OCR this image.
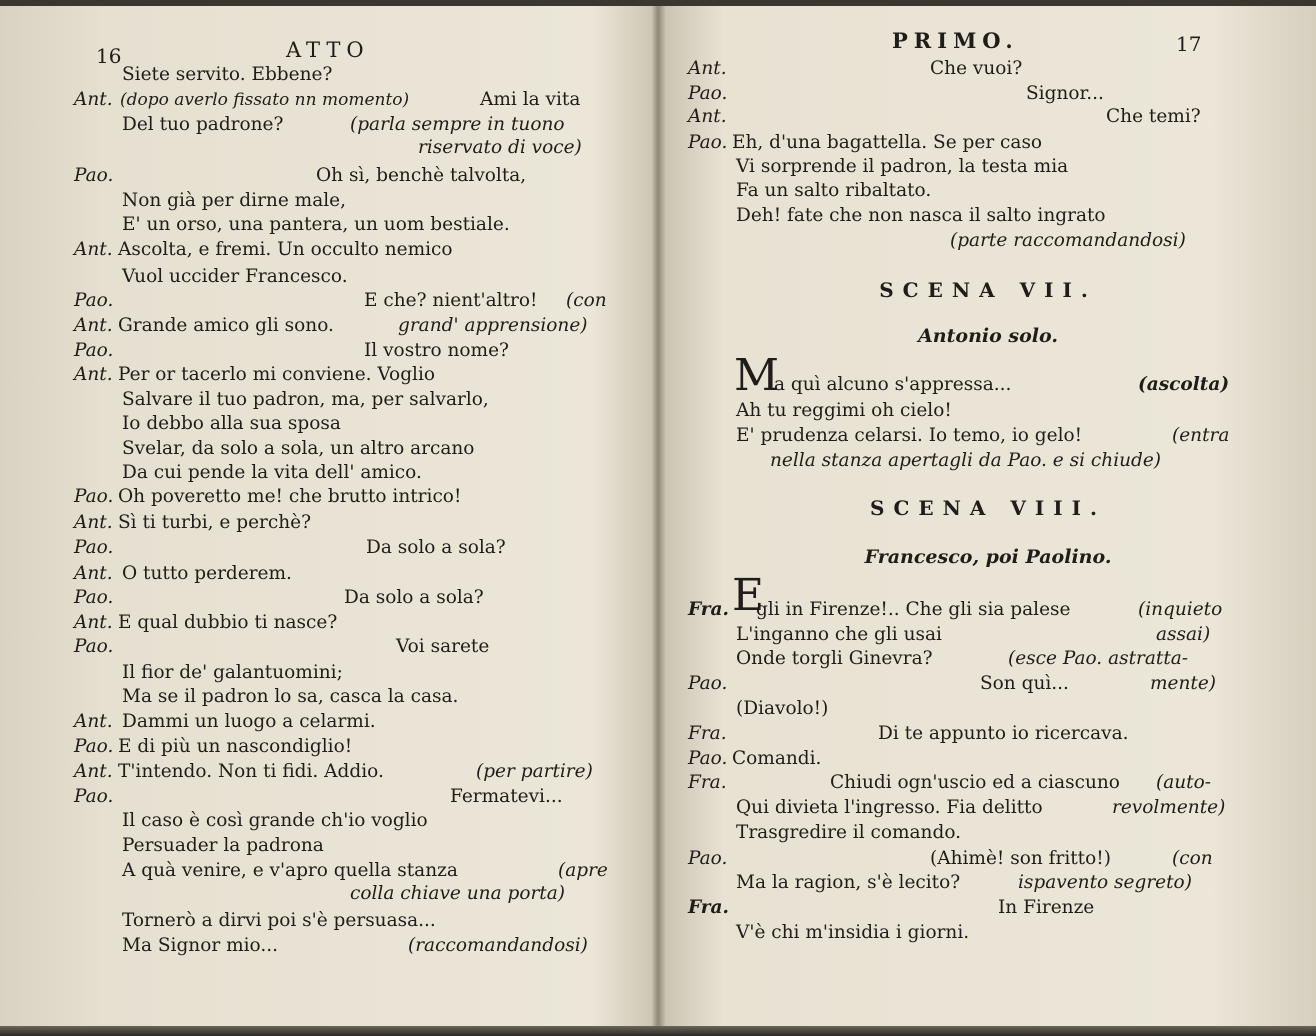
16	ATTO
Siete servito. Ebbene?
Ant. (dopo averlo fissato nn momento)	Ami la vita
Del tuo padrone?	(parla sempre in tuono
riservato di voce)
Pao.	Oh sì, benchè talvolta,
Non già per dirne male,
E' un orso, una pantera, un uom bestiale.
Ant. Ascolta, e fremi. Un occulto nemico
Vuol uccider Francesco.
Pao.	E che? nient'altro! (con
Ant. Grande amico gli sono.	grand' apprensione)
Pao.	Il vostro nome?
Ant. Per or tacerlo mi conviene. Voglio
Salvare il tuo padron, ma, per salvarlo,
Io debbo alla sua sposa
Svelar, da solo a sola, un altro arcano
Da cui pende la vita dell' amico.
Pao. Oh poveretto me! che brutto intrico!
Ant. Sì ti turbi, e perchè?
Pao.	Da solo a sola?
Ant. O tutto perderem.
Pao.	Da solo a sola?
Ant. E qual dubbio ti nasce?
Pao.	Voi sarete
Il fior de' galantuomini;
Ma se il padron lo sa, casca la casa.
Ant. Dammi un luogo a celarmi.
Pao. E di più un nascondiglio!
Ant. T'intendo. Non ti fidi. Addio.	(per partire)
Pao.	Fermatevi...
Il caso è così grande ch'io voglio
Persuader la padrona
A quà venire, e v'apro quella stanza	(apre
colla chiave una porta)
Tornerò a dirvi poi s'è persuasa...
Ma Signor mio...	(raccomandandosi)
PRIMO.	17
Ant.	Che vuoi?
Pao.	Signor...
Ant.	Che temi?
Pao. Eh, d'una bagattella. Se per caso
Vi sorprende il padron, la testa mia
Fa un salto ribaltato.
Deh! fate che non nasca il salto ingrato
(parte raccomandandosi)
SCENA VII.
Antonio solo.
M
a quì alcuno s'appressa...	(ascolta)
Ah tu reggimi oh cielo!
E' prudenza celarsi. Io temo, io gelo!	(entra
nella stanza apertagli da Pao. e si chiude)
SCENA VIII.
Francesco, poi Paolino.
Fra. gli in Firenze!.. Che gli sia palese	(inquieto
E
L'inganno che gli usai	assai)
Onde torgli Ginevra?	(esce Pao. astratta-
Pao.	Son quì...	mente)
(Diavolo!)
Fra.	Di te appunto io ricercava.
Pao. Comandi.
Fra.	Chiudi ogn'uscio ed a ciascuno (auto-
Qui divieta l'ingresso. Fia delitto	revolmente)
Trasgredire il comando.
Pao.	(Ahimè! son fritto!)	(con
Ma la ragion, s'è lecito?	ispavento segreto)
Fra.	In Firenze
V'è chi m'insidia i giorni.
